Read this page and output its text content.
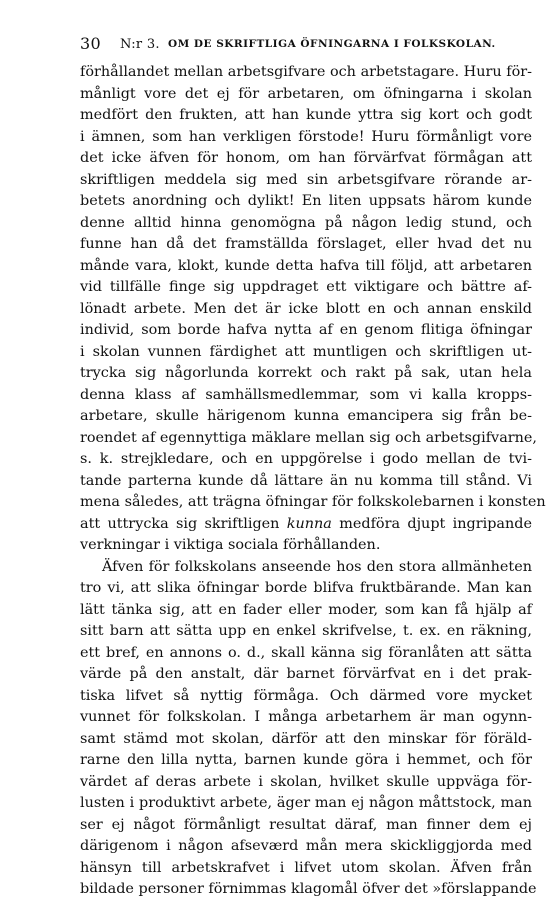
30 N:r 3. OM DE SKRIFTLIGA ÖFNINGARNA I FOLKSKOLAN.
förhållandet mellan arbetsgifvare och arbetstagare. Huru för-
månligt vore det ej för arbetaren, om öfningarna i skolan
medfört den frukten, att han kunde yttra sig kort och godt
i ämnen, som han verkligen förstode! Huru förmånligt vore
det icke äfven för honom, om han förvärfvat förmågan att
skriftligen meddela sig med sin arbetsgifvare rörande ar-
betets anordning och dylikt! En liten uppsats härom kunde
denne alltid hinna genomögna på någon ledig stund, och
funne han då det framställda förslaget, eller hvad det nu
månde vara, klokt, kunde detta hafva till följd, att arbetaren
vid tillfälle finge sig uppdraget ett viktigare och bättre af-
lönadt arbete. Men det är icke blott en och annan enskild
individ, som borde hafva nytta af en genom flitiga öfningar
i skolan vunnen färdighet att muntligen och skriftligen ut-
trycka sig någorlunda korrekt och rakt på sak, utan hela
denna klass af samhällsmedlemmar, som vi kalla kropps-
arbetare, skulle härigenom kunna emancipera sig från be-
roendet af egennyttiga mäklare mellan sig och arbetsgifvarne,
s. k. strejkledare, och en uppgörelse i godo mellan de tvi-
tande parterna kunde då lättare än nu komma till stånd. Vi
mena således, att trägna öfningar för folkskolebarnen i konsten
att uttrycka sig skriftligen kunna medföra djupt ingripande
verkningar i viktiga sociala förhållanden.
Äfven för folkskolans anseende hos den stora allmänheten
tro vi, att slika öfningar borde blifva fruktbärande. Man kan
lätt tänka sig, att en fader eller moder, som kan få hjälp af
sitt barn att sätta upp en enkel skrifvelse, t. ex. en räkning,
ett bref, en annons o. d., skall känna sig föranlåten att sätta
värde på den anstalt, där barnet förvärfvat en i det prak-
tiska lifvet så nyttig förmåga. Och därmed vore mycket
vunnet för folkskolan. I många arbetarhem är man ogynn-
samt stämd mot skolan, därför att den minskar för föräld-
rarne den lilla nytta, barnen kunde göra i hemmet, och för
värdet af deras arbete i skolan, hvilket skulle uppväga för-
lusten i produktivt arbete, äger man ej någon måttstock, man
ser ej något förmånligt resultat däraf, man finner dem ej
därigenom i någon afseværd mån mera skickliggjorda med
hänsyn till arbetskrafvet i lifvet utom skolan. Äfven från
bildade personer förnimmas klagomål öfver det »förslappande
